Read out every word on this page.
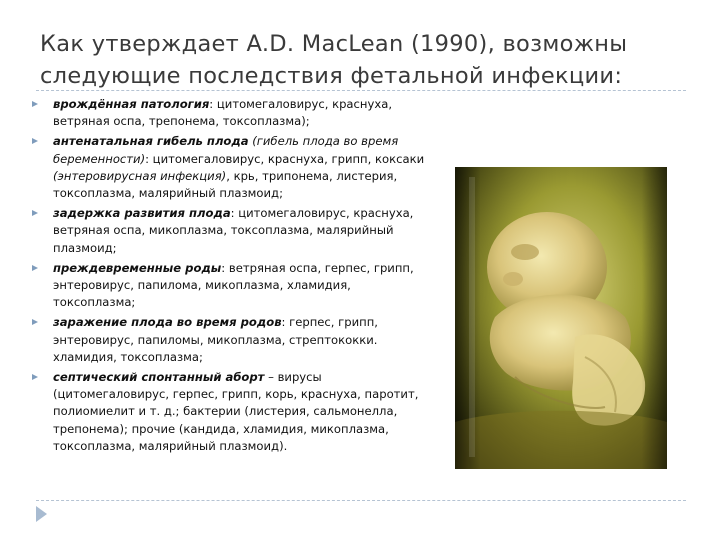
Как утверждает A.D. MacLean (1990), возможны следующие последствия фетальной инфекции:
врождённая патология: цитомегаловирус, краснуха, ветряная оспа, трепонема, токсоплазма);
антенатальная гибель плода (гибель плода во время беременности): цитомегаловирус, краснуха, грипп, коксаки (энтеровирусная инфекция), крь, трипонема, листерия, токсоплазма, малярийный плазмоид;
задержка развития плода: цитомегаловирус, краснуха, ветряная оспа, микоплазма, токсоплазма, малярийный плазмоид;
преждевременные роды: ветряная оспа, герпес, грипп, энтеровирус, папилома, микоплазма, хламидия, токсоплазма;
заражение плода во время родов: герпес, грипп, энтеровирус, папиломы, микоплазма, стрептококки. хламидия, токсоплазма;
септический спонтанный аборт – вирусы (цитомегаловирус, герпес, грипп, корь, краснуха, паротит, полиомиелит и т. д.; бактерии (листерия, сальмонелла, трепонема); прочие (кандида, хламидия, микоплазма, токсоплазма, малярийный плазмоид).
